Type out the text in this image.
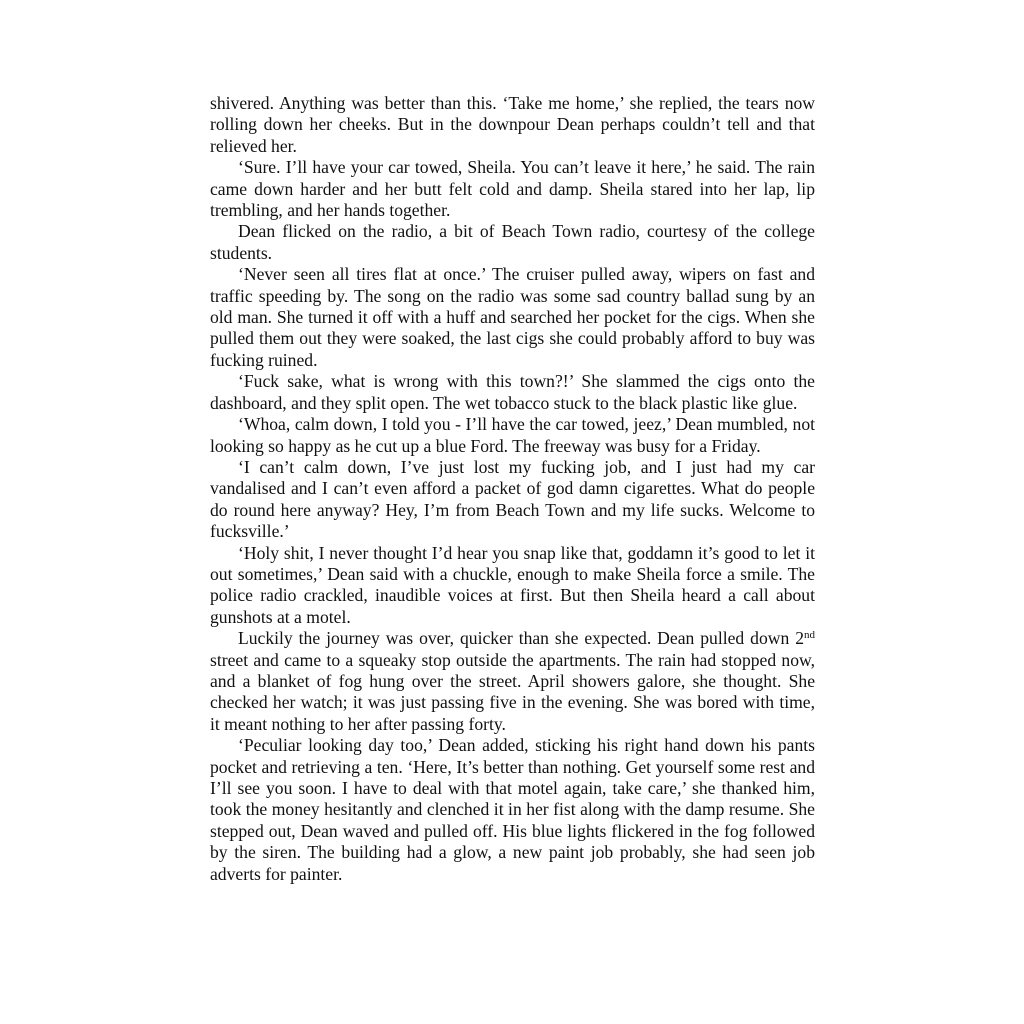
shivered. Anything was better than this. ‘Take me home,’ she replied, the tears now rolling down her cheeks. But in the downpour Dean perhaps couldn’t tell and that relieved her.

‘Sure. I’ll have your car towed, Sheila. You can’t leave it here,’ he said. The rain came down harder and her butt felt cold and damp. Sheila stared into her lap, lip trembling, and her hands together.

Dean flicked on the radio, a bit of Beach Town radio, courtesy of the college students.

‘Never seen all tires flat at once.’ The cruiser pulled away, wipers on fast and traffic speeding by. The song on the radio was some sad country ballad sung by an old man. She turned it off with a huff and searched her pocket for the cigs. When she pulled them out they were soaked, the last cigs she could probably afford to buy was fucking ruined.

‘Fuck sake, what is wrong with this town?!’ She slammed the cigs onto the dashboard, and they split open. The wet tobacco stuck to the black plastic like glue.

‘Whoa, calm down, I told you - I’ll have the car towed, jeez,’ Dean mumbled, not looking so happy as he cut up a blue Ford. The freeway was busy for a Friday.

‘I can’t calm down, I’ve just lost my fucking job, and I just had my car vandalised and I can’t even afford a packet of god damn cigarettes. What do people do round here anyway? Hey, I’m from Beach Town and my life sucks. Welcome to fucksville.’

‘Holy shit, I never thought I’d hear you snap like that, goddamn it’s good to let it out sometimes,’ Dean said with a chuckle, enough to make Sheila force a smile. The police radio crackled, inaudible voices at first. But then Sheila heard a call about gunshots at a motel.

Luckily the journey was over, quicker than she expected. Dean pulled down 2nd street and came to a squeaky stop outside the apartments. The rain had stopped now, and a blanket of fog hung over the street. April showers galore, she thought. She checked her watch; it was just passing five in the evening. She was bored with time, it meant nothing to her after passing forty.

‘Peculiar looking day too,’ Dean added, sticking his right hand down his pants pocket and retrieving a ten. ‘Here, It’s better than nothing. Get yourself some rest and I’ll see you soon. I have to deal with that motel again, take care,’ she thanked him, took the money hesitantly and clenched it in her fist along with the damp resume. She stepped out, Dean waved and pulled off. His blue lights flickered in the fog followed by the siren. The building had a glow, a new paint job probably, she had seen job adverts for painter.
